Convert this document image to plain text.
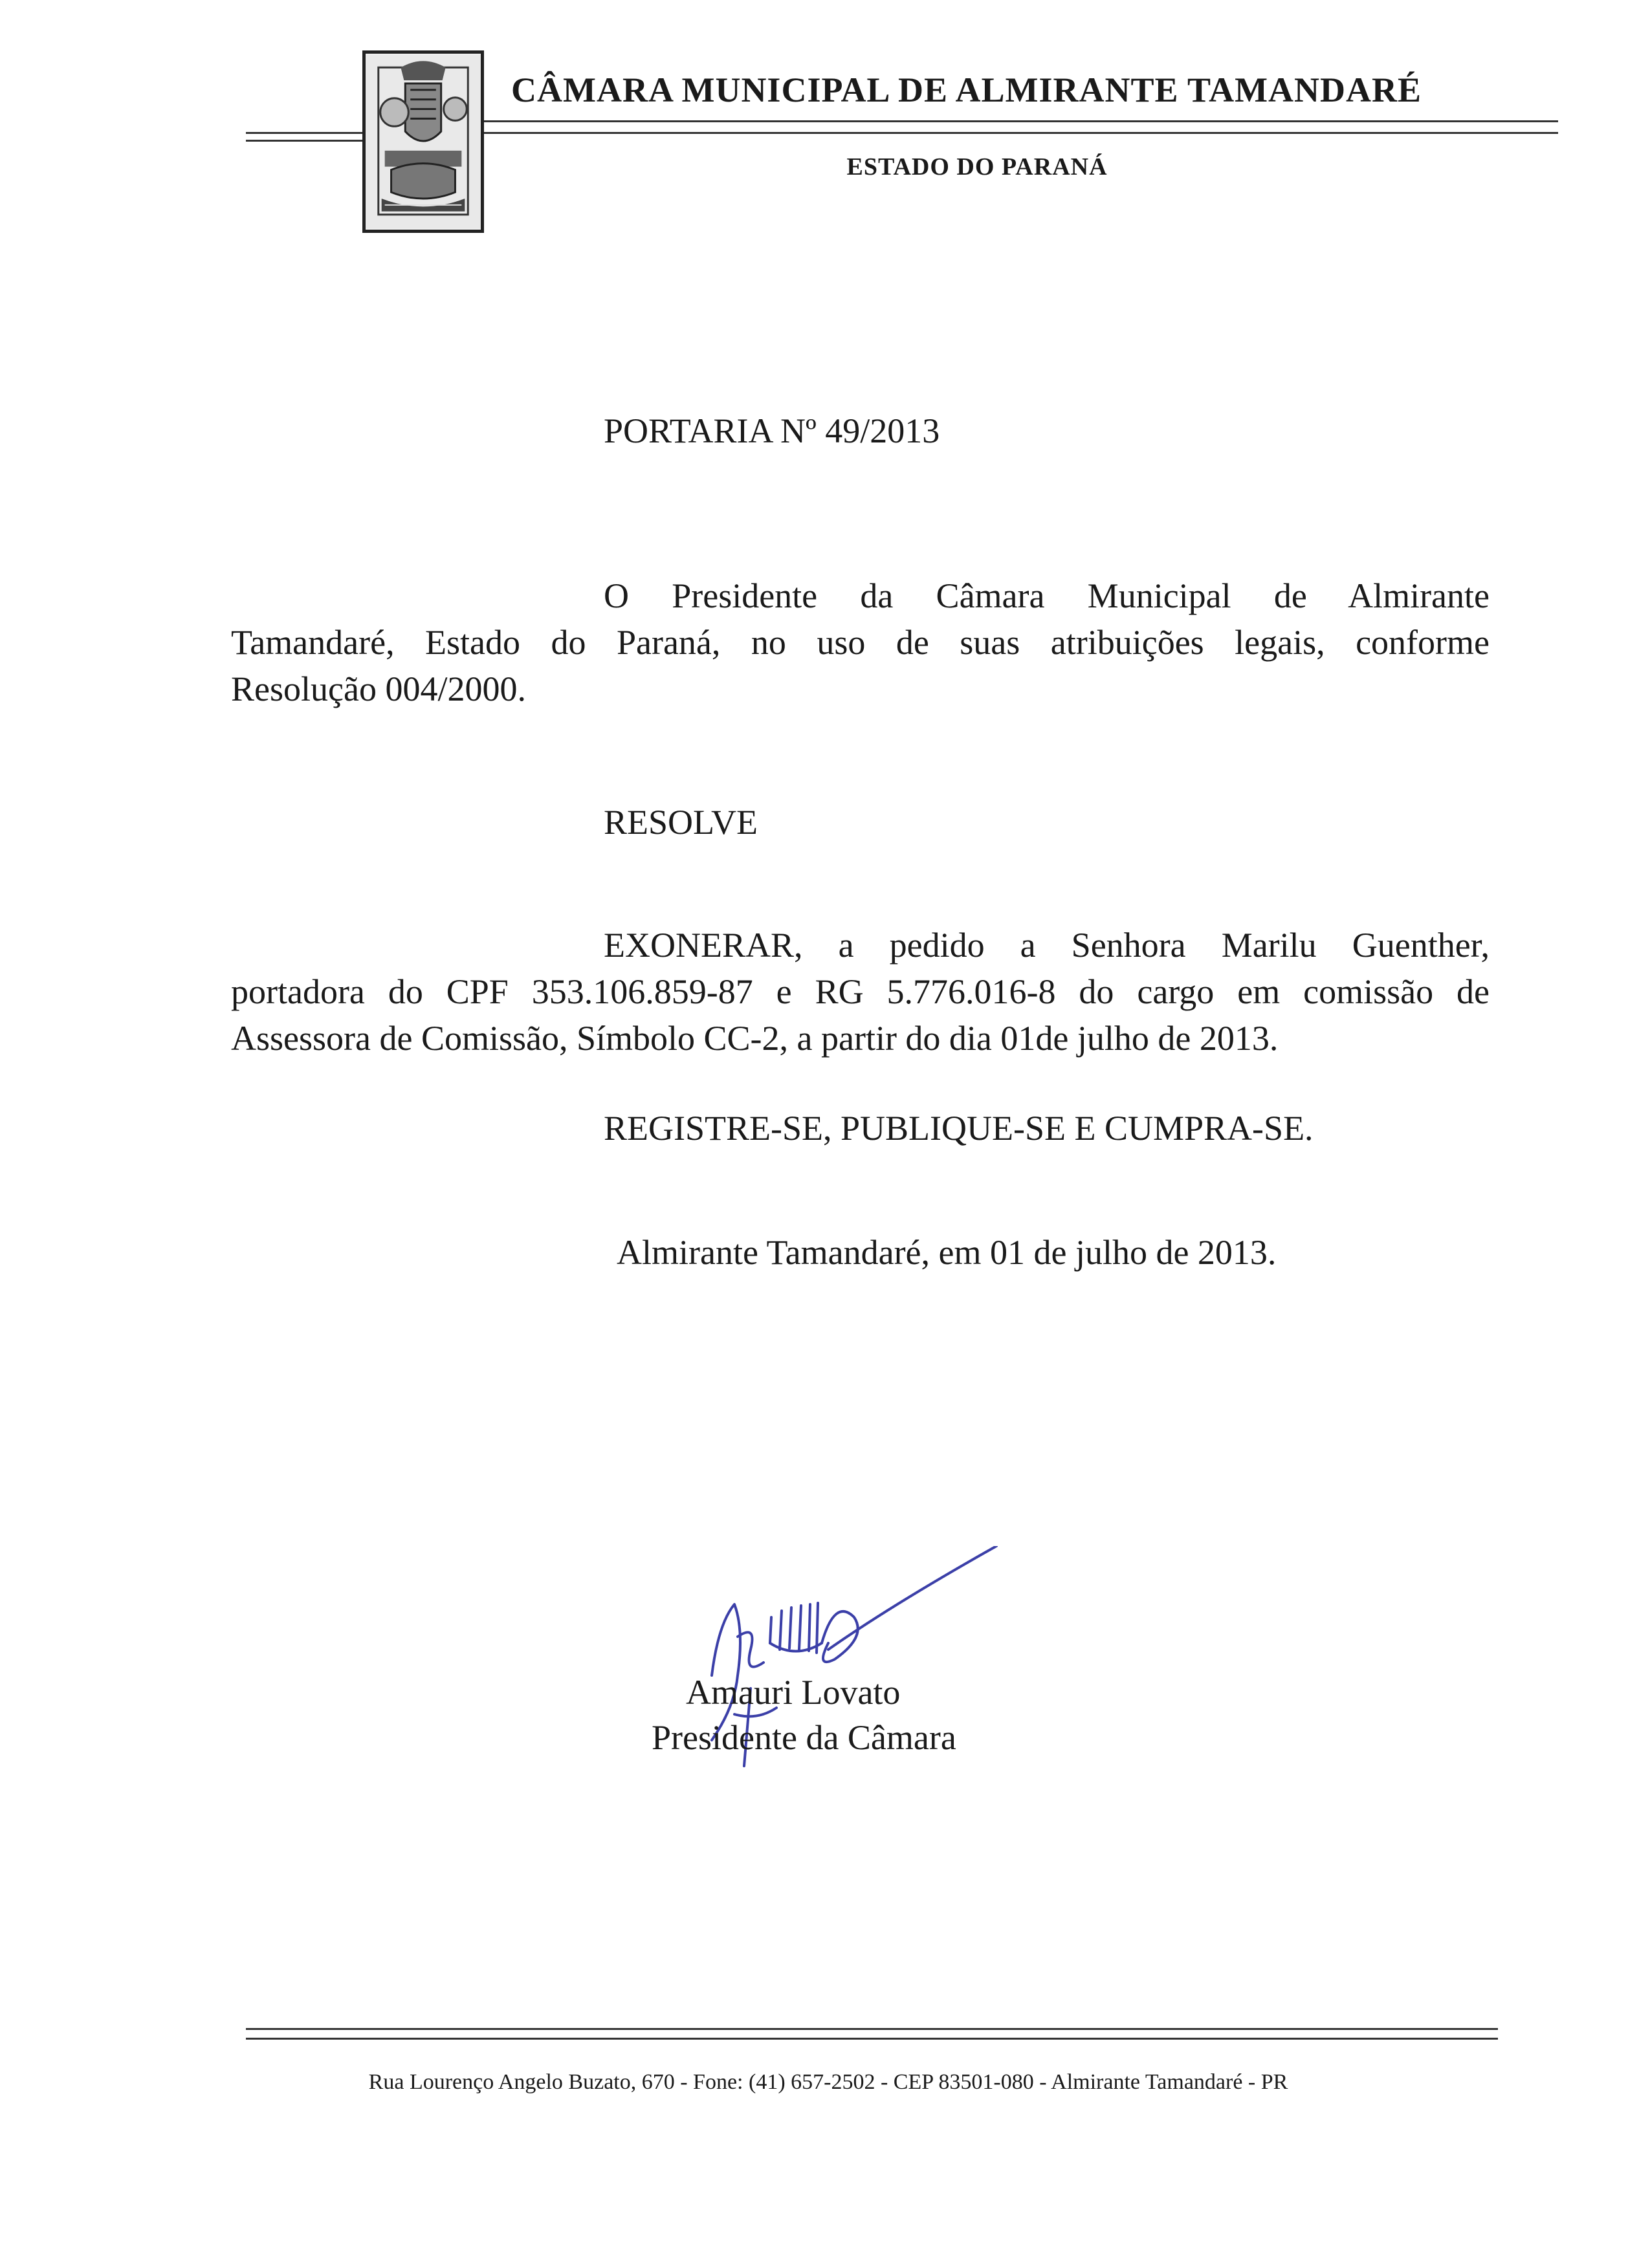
CÂMARA MUNICIPAL DE ALMIRANTE TAMANDARÉ
ESTADO DO PARANÁ
PORTARIA Nº 49/2013
O Presidente da Câmara Municipal de Almirante
Tamandaré, Estado do Paraná, no uso de suas atribuições legais, conforme
Resolução 004/2000.
RESOLVE
EXONERAR, a pedido a Senhora Marilu Guenther,
portadora do CPF 353.106.859-87 e RG 5.776.016-8 do cargo em comissão de
Assessora de Comissão, Símbolo CC-2, a partir do dia 01de julho de 2013.
REGISTRE-SE, PUBLIQUE-SE E CUMPRA-SE.
Almirante Tamandaré, em 01 de julho de 2013.
Amauri Lovato
Presidente da Câmara
Rua Lourenço Angelo Buzato, 670 - Fone: (41) 657-2502 - CEP 83501-080 - Almirante Tamandaré - PR
